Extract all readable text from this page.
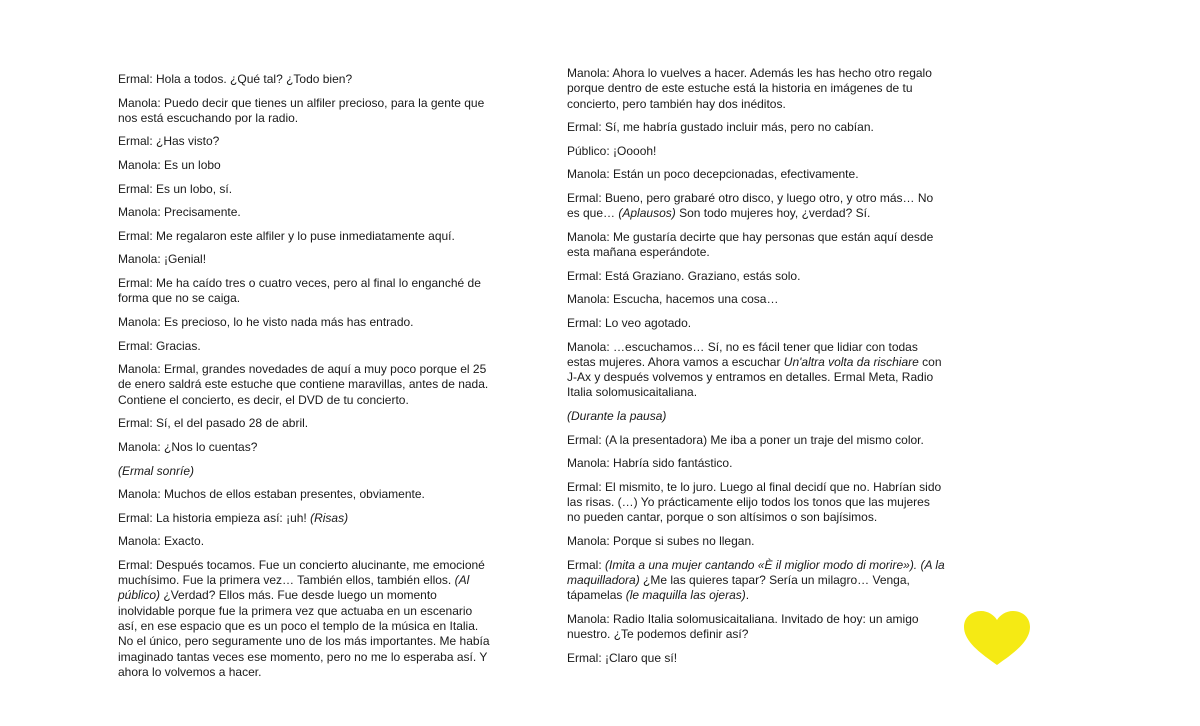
Ermal: Hola a todos. ¿Qué tal? ¿Todo bien?

Manola: Puedo decir que tienes un alfiler precioso, para la gente que nos está escuchando por la radio.

Ermal: ¿Has visto?

Manola: Es un lobo

Ermal: Es un lobo, sí.

Manola: Precisamente.

Ermal: Me regalaron este alfiler y lo puse inmediatamente aquí.

Manola: ¡Genial!

Ermal: Me ha caído tres o cuatro veces, pero al final lo enganché de forma que no se caiga.

Manola: Es precioso, lo he visto nada más has entrado.

Ermal: Gracias.

Manola: Ermal, grandes novedades de aquí a muy poco porque el 25 de enero saldrá este estuche que contiene maravillas, antes de nada. Contiene el concierto, es decir, el DVD de tu concierto.

Ermal: Sí, el del pasado 28 de abril.

Manola: ¿Nos lo cuentas?

(Ermal sonríe)

Manola: Muchos de ellos estaban presentes, obviamente.

Ermal: La historia empieza así: ¡uh! (Risas)

Manola: Exacto.

Ermal: Después tocamos. Fue un concierto alucinante, me emocioné muchísimo. Fue la primera vez… También ellos, también ellos. (Al público) ¿Verdad? Ellos más. Fue desde luego un momento inolvidable porque fue la primera vez que actuaba en un escenario así, en ese espacio que es un poco el templo de la música en Italia. No el único, pero seguramente uno de los más importantes. Me había imaginado tantas veces ese momento, pero no me lo esperaba así. Y ahora lo volvemos a hacer.

Manola: Ahora lo vuelves a hacer. Además les has hecho otro regalo porque dentro de este estuche está la historia en imágenes de tu concierto, pero también hay dos inéditos.

Ermal: Sí, me habría gustado incluir más, pero no cabían.

Público: ¡Ooooh!

Manola: Están un poco decepcionadas, efectivamente.

Ermal: Bueno, pero grabaré otro disco, y luego otro, y otro más… No es que… (Aplausos) Son todo mujeres hoy, ¿verdad? Sí.

Manola: Me gustaría decirte que hay personas que están aquí desde esta mañana esperándote.

Ermal: Está Graziano. Graziano, estás solo.

Manola: Escucha, hacemos una cosa…

Ermal: Lo veo agotado.

Manola: …escuchamos… Sí, no es fácil tener que lidiar con todas estas mujeres. Ahora vamos a escuchar Un'altra volta da rischiare con J-Ax y después volvemos y entramos en detalles. Ermal Meta, Radio Italia solomusicaitaliana.

(Durante la pausa)

Ermal: (A la presentadora) Me iba a poner un traje del mismo color.

Manola: Habría sido fantástico.

Ermal: El mismito, te lo juro. Luego al final decidí que no. Habrían sido las risas. (…) Yo prácticamente elijo todos los tonos que las mujeres no pueden cantar, porque o son altísimos o son bajísimos.

Manola: Porque si subes no llegan.

Ermal: (Imita a una mujer cantando «È il miglior modo di morire»). (A la maquilladora) ¿Me las quieres tapar? Sería un milagro… Venga, tápamelas (le maquilla las ojeras).

Manola: Radio Italia solomusicaitaliana. Invitado de hoy: un amigo nuestro. ¿Te podemos definir así?

Ermal: ¡Claro que sí!
